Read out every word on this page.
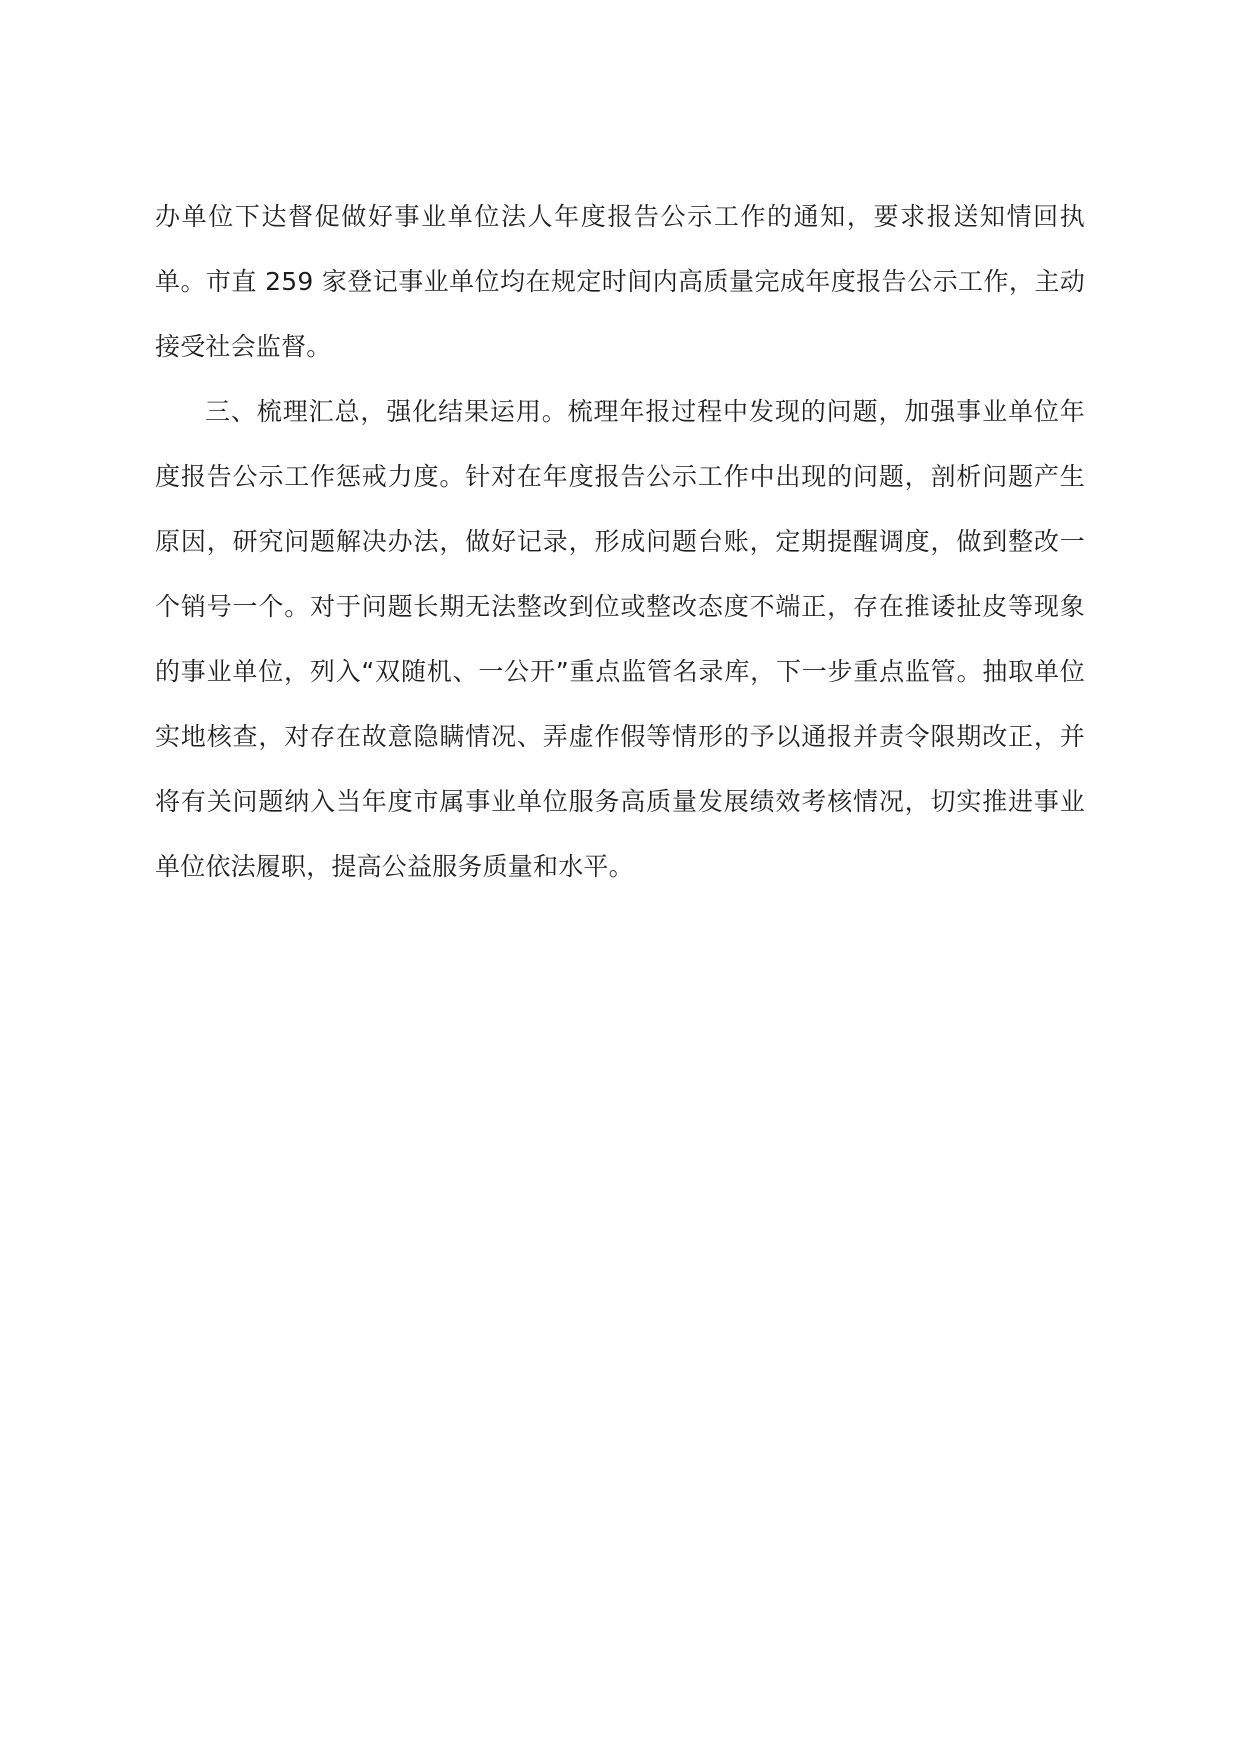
办单位下达督促做好事业单位法人年度报告公示工作的通知，要求报送知情回执单。市直 259 家登记事业单位均在规定时间内高质量完成年度报告公示工作，主动接受社会监督。

三、梳理汇总，强化结果运用。梳理年报过程中发现的问题，加强事业单位年度报告公示工作惩戒力度。针对在年度报告公示工作中出现的问题，剖析问题产生原因，研究问题解决办法，做好记录，形成问题台账，定期提醒调度，做到整改一个销号一个。对于问题长期无法整改到位或整改态度不端正，存在推诿扯皮等现象的事业单位，列入“双随机、一公开”重点监管名录库，下一步重点监管。抽取单位实地核查，对存在故意隐瞒情况、弄虚作假等情形的予以通报并责令限期改正，并将有关问题纳入当年度市属事业单位服务高质量发展绩效考核情况，切实推进事业单位依法履职，提高公益服务质量和水平。
